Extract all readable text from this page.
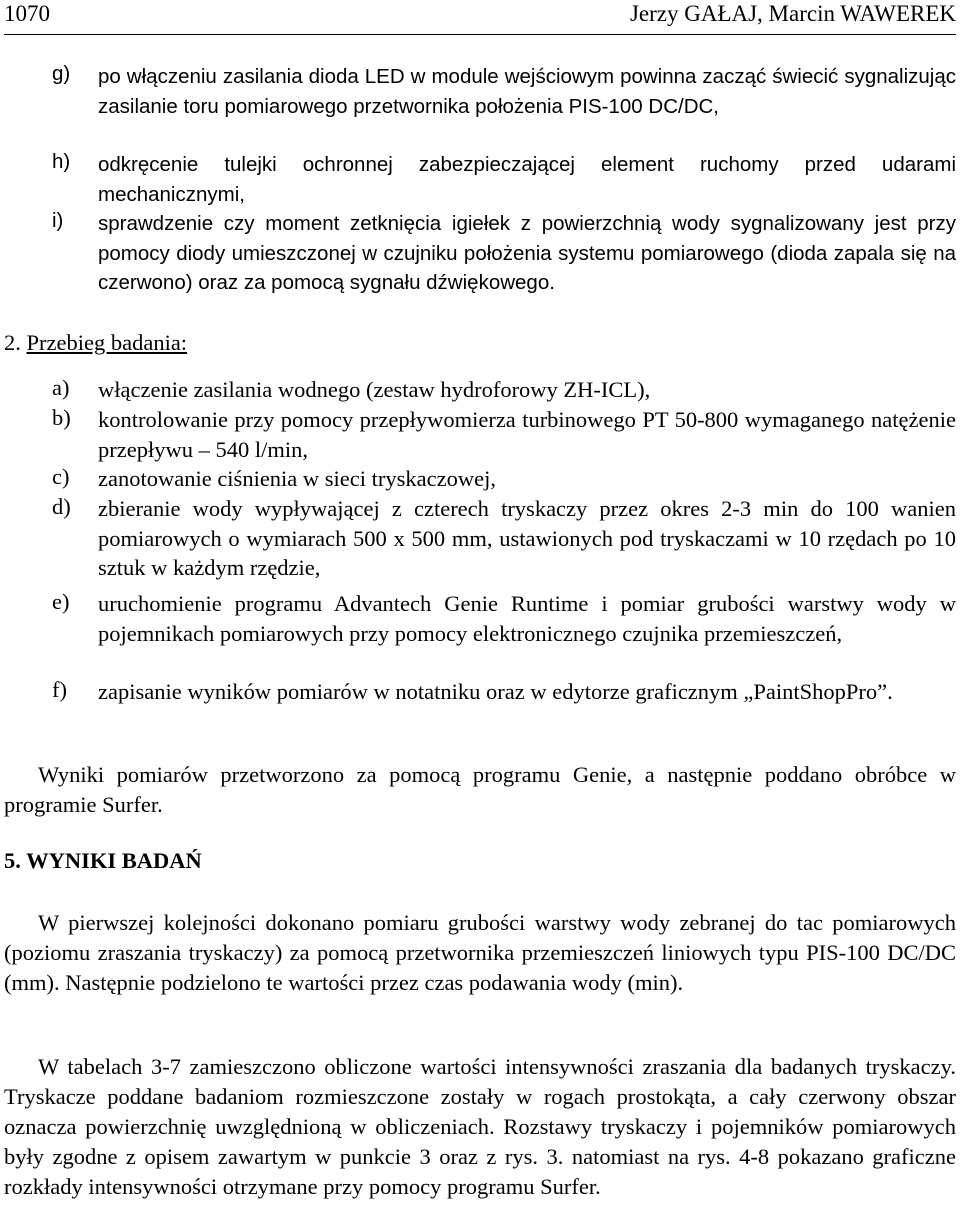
1070	Jerzy GAŁAJ, Marcin WAWEREK
g)	po włączeniu zasilania dioda LED w module wejściowym powinna zacząć świecić sygnalizując zasilanie toru pomiarowego przetwornika położenia PIS-100 DC/DC,
h)	odkręcenie tulejki ochronnej zabezpieczającej element ruchomy przed udarami mechanicznymi,
i)	sprawdzenie czy moment zetknięcia igiełek z powierzchnią wody sygnalizowany jest przy pomocy diody umieszczonej w czujniku położenia systemu pomiarowego (dioda zapala się na czerwono) oraz za pomocą sygnału dźwiękowego.
2. Przebieg badania:
a)	włączenie zasilania wodnego (zestaw hydroforowy ZH-ICL),
b)	kontrolowanie przy pomocy przepływomierza turbinowego PT 50-800 wymaganego natężenie przepływu – 540 l/min,
c)	zanotowanie ciśnienia w sieci tryskaczowej,
d)	zbieranie wody wypływającej z czterech tryskaczy przez okres 2-3 min do 100 wanien pomiarowych o wymiarach 500 x 500 mm, ustawionych pod tryskaczami w 10 rzędach po 10 sztuk w każdym rzędzie,
e)	uruchomienie programu Advantech Genie Runtime i pomiar grubości warstwy wody w pojemnikach pomiarowych przy pomocy elektronicznego czujnika przemieszczeń,
f)	zapisanie wyników pomiarów w notatniku oraz w edytorze graficznym „PaintShopPro”.
Wyniki pomiarów przetworzono za pomocą programu Genie, a następnie poddano obróbce w programie Surfer.
5. WYNIKI BADAŃ
W pierwszej kolejności dokonano pomiaru grubości warstwy wody zebranej do tac pomiarowych (poziomu zraszania tryskaczy) za pomocą przetwornika przemieszczeń liniowych typu PIS-100 DC/DC (mm). Następnie podzielono te wartości przez czas podawania wody (min).
W tabelach 3-7 zamieszczono obliczone wartości intensywności zraszania dla badanych tryskaczy. Tryskacze poddane badaniom rozmieszczone zostały w rogach prostokąta, a cały czerwony obszar oznacza powierzchnię uwzględnioną w obliczeniach. Rozstawy tryskaczy i pojemników pomiarowych były zgodne z opisem zawartym w punkcie 3 oraz z rys. 3. natomiast na rys. 4-8 pokazano graficzne rozkłady intensywności otrzymane przy pomocy programu Surfer.
